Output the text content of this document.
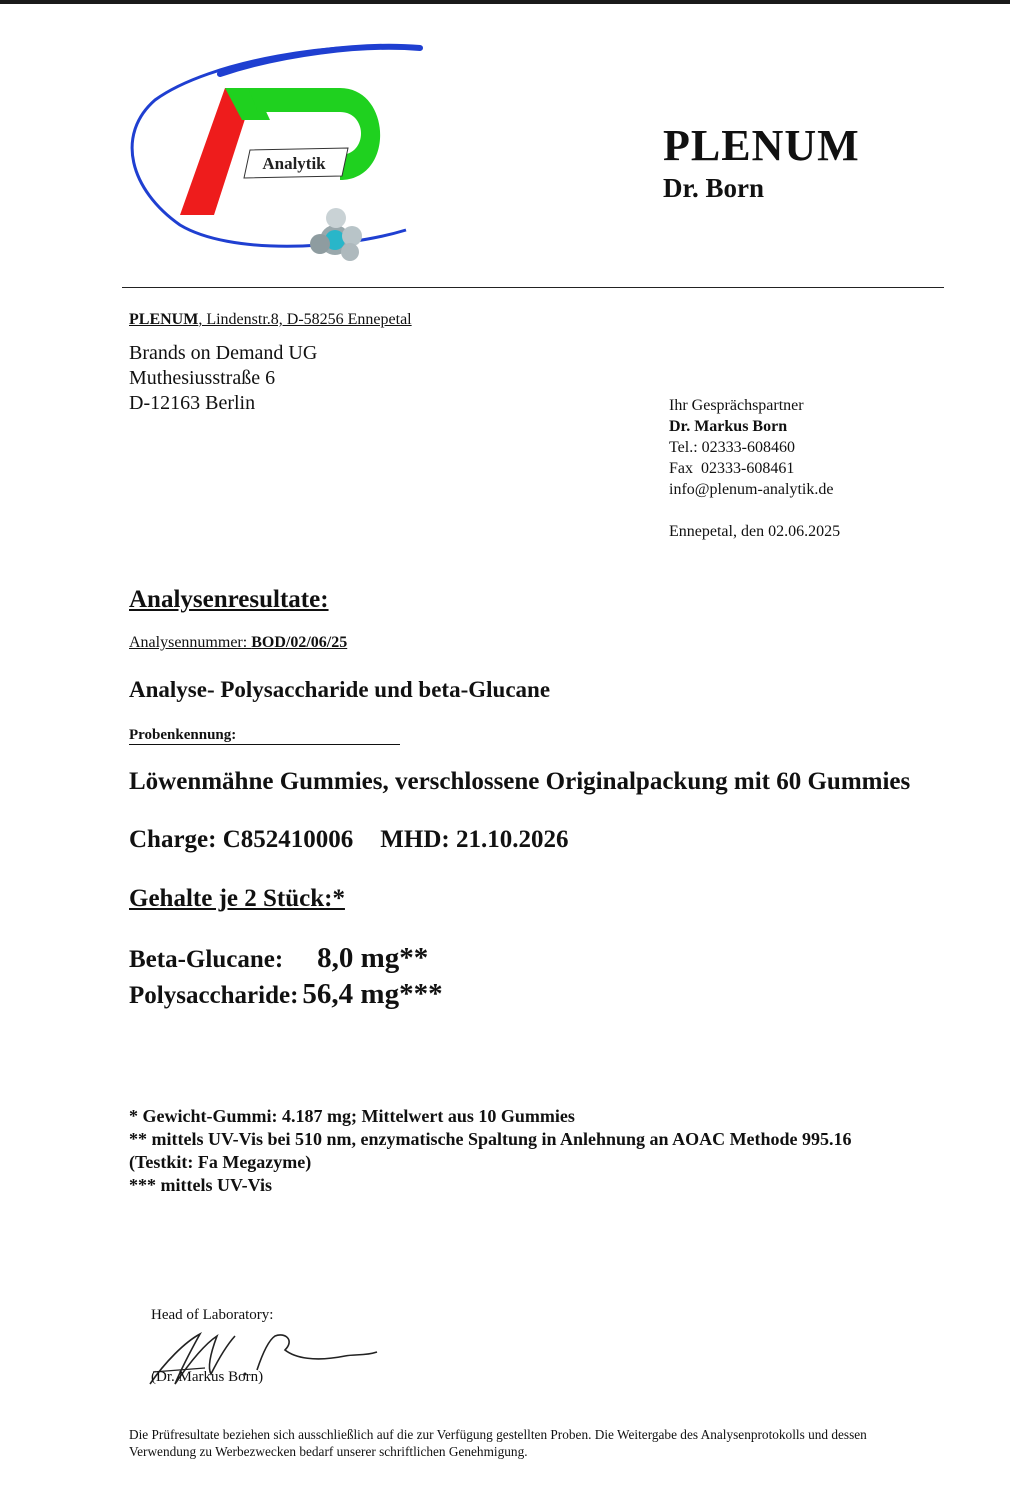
Analytik	PLENUM
Dr. Born
PLENUM, Lindenstr.8, D-58256 Ennepetal
Brands on Demand UG
Muthesiusstraße 6
D-12163 Berlin	Ihr Gesprächspartner
Dr. Markus Born
Tel.: 02333-608460
Fax  02333-608461
info@plenum-analytik.de
Ennepetal, den 02.06.2025
Analysenresultate:
Analysennummer: BOD/02/06/25
Analyse- Polysaccharide und beta-Glucane
Probenkennung:
Löwenmähne Gummies, verschlossene Originalpackung mit 60 Gummies
Charge: C852410006 MHD: 21.10.2026
Gehalte je 2 Stück:*
Beta-Glucane: 8,0 mg**
Polysaccharide: 56,4 mg***
* Gewicht-Gummi: 4.187 mg; Mittelwert aus 10 Gummies
** mittels UV-Vis bei 510 nm, enzymatische Spaltung in Anlehnung an AOAC Methode 995.16
(Testkit: Fa Megazyme)
*** mittels UV-Vis
Head of Laboratory:
(Dr. Markus Born)
Die Prüfresultate beziehen sich ausschließlich auf die zur Verfügung gestellten Proben. Die Weitergabe des Analysenprotokolls und dessen
Verwendung zu Werbezwecken bedarf unserer schriftlichen Genehmigung.
